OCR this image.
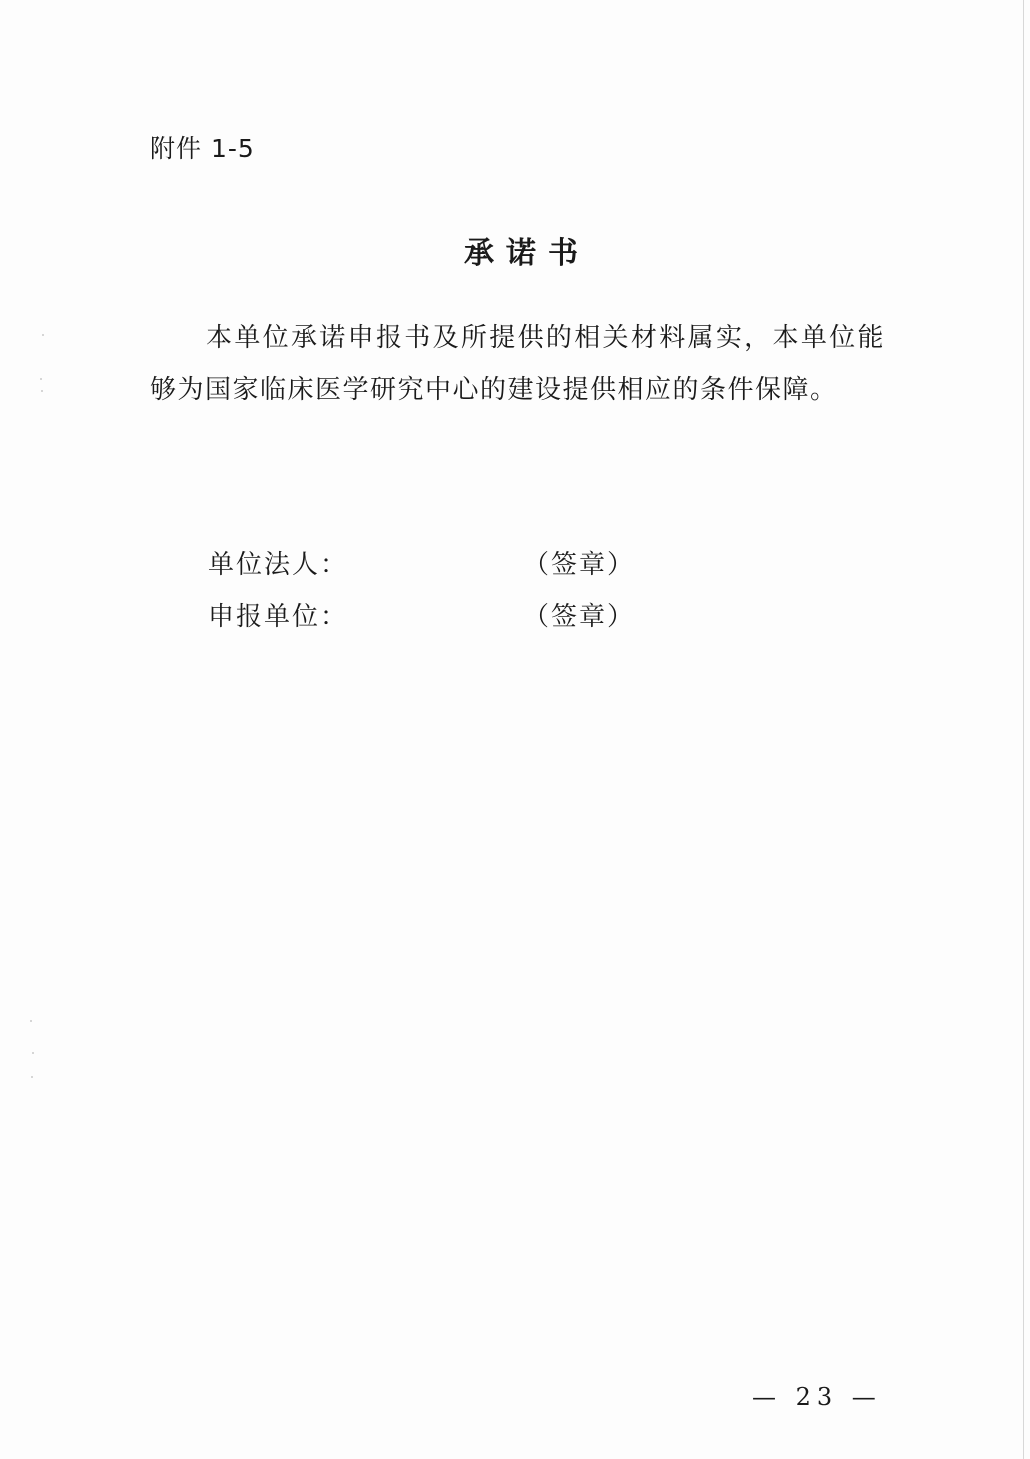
附件 1-5
承诺书
本单位承诺申报书及所提供的相关材料属实，本单位能够为国家临床医学研究中心的建设提供相应的条件保障。
单位法人：	（签章）
申报单位：	（签章）
— 23 —
